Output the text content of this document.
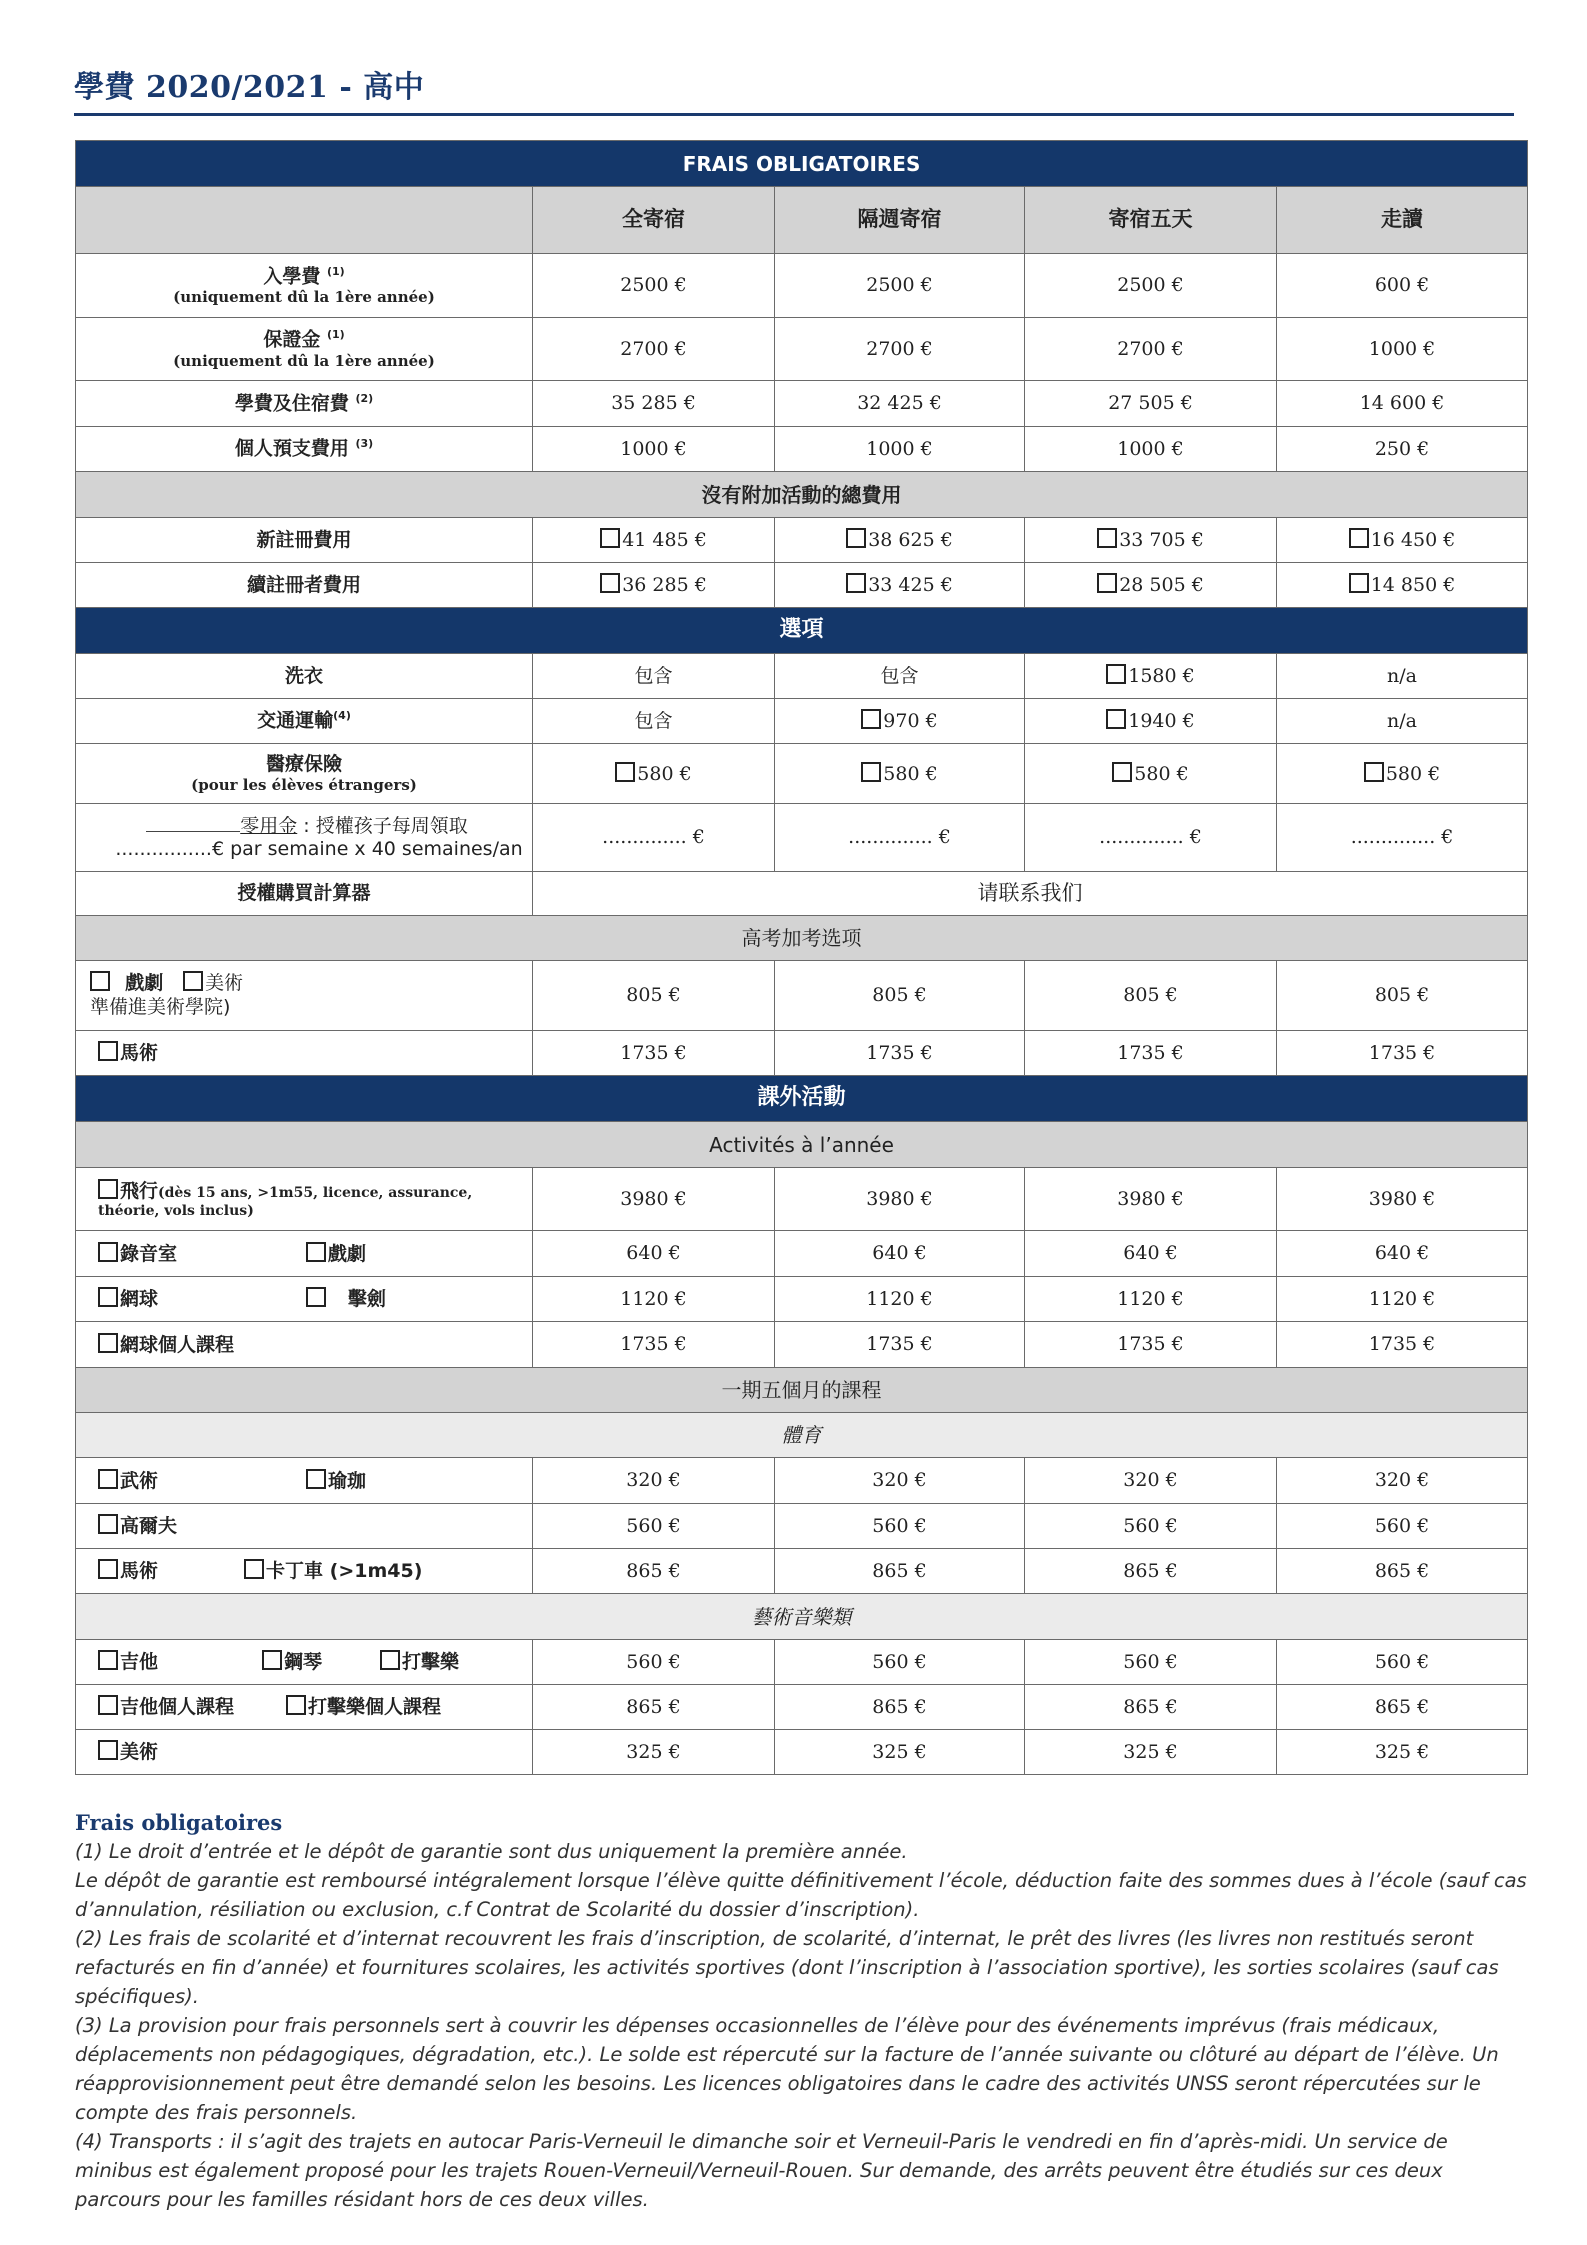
學費 2020/2021 - 高中
FRAIS OBLIGATOIRES				
	全寄宿	隔週寄宿	寄宿五天	走讀
入學費 $^{(1)}$
(uniquement dû la 1ère année)	2500 €	2500 €	2500 €	600 €
保證金 $^{(1)}$
(uniquement dû la 1ère année)	2700 €	2700 €	2700 €	1000 €
學費及住宿費 $^{(2)}$	35 285 €	32 425 €	27 505 €	14 600 €
個人預支費用 $^{(3)}$	1000 €	1000 €	1000 €	250 €
沒有附加活動的總費用				
新註冊費用	41 485 €	38 625 €	33 705 €	16 450 €
續註冊者費用	36 285 €	33 425 €	28 505 €	14 850 €
選項				
洗衣	包含	包含	1580 €	n/a
交通運輸$^{(4)}$	包含	970 €	1940 €	n/a
醫療保險
(pour les élèves étrangers)	580 €	580 €	580 €	580 €

零用金 : 授權孩子每周領取
................€ par semaine x 40 semaines/an	.............. €	.............. €	.............. €	.............. €
授權購買計算器	请联系我们			
高考加考选项				

戲劇 美術
準備進美術學院)	805 €	805 €	805 €	805 €
馬術	1735 €	1735 €	1735 €	1735 €
課外活動				
Activités à l’année				
飛行(dès 15 ans, >1m55, licence, assurance,
théorie, vols inclus)	3980 €	3980 €	3980 €	3980 €
錄音室 戲劇	640 €	640 €	640 €	640 €
網球 擊劍	1120 €	1120 €	1120 €	1120 €
網球個人課程	1735 €	1735 €	1735 €	1735 €
一期五個月的課程				
體育				
武術 瑜珈	320 €	320 €	320 €	320 €
高爾夫	560 €	560 €	560 €	560 €
馬術 卡丁車 (>1m45)	865 €	865 €	865 €	865 €
藝術音樂類				
吉他 鋼琴 打擊樂	560 €	560 €	560 €	560 €
吉他個人課程 打擊樂個人課程	865 €	865 €	865 €	865 €
美術	325 €	325 €	325 €	325 €
Frais obligatoires

(1) Le droit d’entrée et le dépôt de garantie sont dus uniquement la première année.

Le dépôt de garantie est remboursé intégralement lorsque l’élève quitte définitivement l’école, déduction faite des sommes dues à l’école (sauf cas d’annulation, résiliation ou exclusion, c.f Contrat de Scolarité du dossier d’inscription).

(2) Les frais de scolarité et d’internat recouvrent les frais d’inscription, de scolarité, d’internat, le prêt des livres (les livres non restitués seront refacturés en fin d’année) et fournitures scolaires, les activités sportives (dont l’inscription à l’association sportive), les sorties scolaires (sauf cas spécifiques).

(3) La provision pour frais personnels sert à couvrir les dépenses occasionnelles de l’élève pour des événements imprévus (frais médicaux, déplacements non pédagogiques, dégradation, etc.). Le solde est répercuté sur la facture de l’année suivante ou clôturé au départ de l’élève. Un réapprovisionnement peut être demandé selon les besoins. Les licences obligatoires dans le cadre des activités UNSS seront répercutées sur le compte des frais personnels.

(4) Transports : il s’agit des trajets en autocar Paris-Verneuil le dimanche soir et Verneuil-Paris le vendredi en fin d’après-midi. Un service de minibus est également proposé pour les trajets Rouen-Verneuil/Verneuil-Rouen. Sur demande, des arrêts peuvent être étudiés sur ces deux parcours pour les familles résidant hors de ces deux villes.
